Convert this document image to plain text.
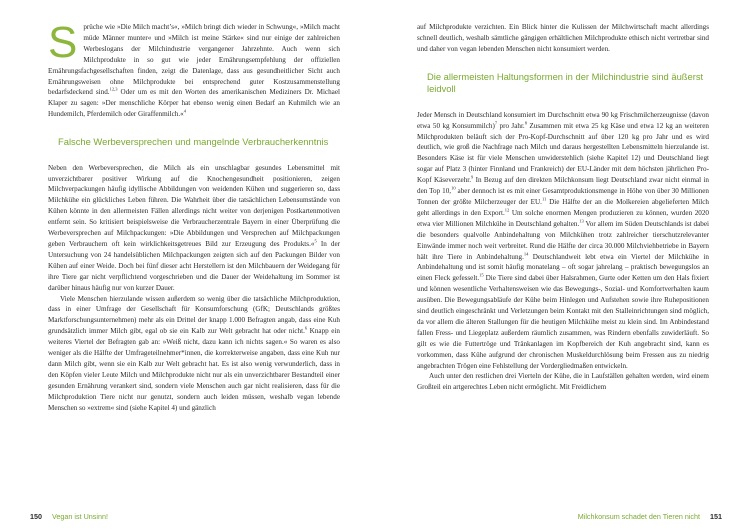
Sprüche wie »Die Milch macht’s«, »Milch bringt dich wieder in Schwung«, »Milch macht müde Männer munter« und »Milch ist meine Stärke« sind nur einige der zahlreichen Werbeslogans der Milchindustrie vergangener Jahrzehnte. Auch wenn sich Milchprodukte in so gut wie jeder Ernährungsempfehlung der offiziellen Ernährungsfachgesellschaften finden, zeigt die Datenlage, dass aus gesundheitlicher Sicht auch Ernährungsweisen ohne Milchprodukte bei entsprechend guter Kostzusammenstellung bedarfsdeckend sind.$^{12,3}$ Oder um es mit den Worten des amerikanischen Mediziners Dr. Michael Klaper zu sagen: »Der menschliche Körper hat ebenso wenig einen Bedarf an Kuhmilch wie an Hundemilch, Pferdemilch oder Giraffenmilch.«$^4$

Falsche Werbeversprechen und mangelnde Verbraucherkenntnis

Neben den Werbeversprechen, die Milch als ein unschlagbar gesundes Lebensmittel mit unverzichtbarer positiver Wirkung auf die Knochengesundheit positionieren, zeigen Milchverpackungen häufig idyllische Abbildungen von weidenden Kühen und suggerieren so, dass Milchkühe ein glückliches Leben führen. Die Wahrheit über die tatsächlichen Lebensumstände von Kühen könnte in den allermeisten Fällen allerdings nicht weiter von derjenigen Postkartenmotiven entfernt sein. So kritisiert beispielsweise die Verbraucherzentrale Bayern in einer Überprüfung die Werbeversprechen auf Milchpackungen: »Die Abbildungen und Versprechen auf Milchpackungen geben Verbrauchern oft kein wirklichkeitsgetreues Bild zur Erzeugung des Produkts.«$^5$ In der Untersuchung von 24 handelsüblichen Milchpackungen zeigten sich auf den Packungen Bilder von Kühen auf einer Weide. Doch bei fünf dieser acht Herstellern ist den Milchbauern der Weidegang für ihre Tiere gar nicht verpflichtend vorgeschrieben und die Dauer der Weidehaltung im Sommer ist darüber hinaus häufig nur von kurzer Dauer.

Viele Menschen hierzulande wissen außerdem so wenig über die tatsächliche Milchproduktion, dass in einer Umfrage der Gesellschaft für Konsumforschung (GfK; Deutschlands größtes Marktforschungsunternehmen) mehr als ein Drittel der knapp 1.000 Befragten angab, dass eine Kuh grundsätzlich immer Milch gibt, egal ob sie ein Kalb zur Welt gebracht hat oder nicht.$^6$ Knapp ein weiteres Viertel der Befragten gab an: »Weiß nicht, dazu kann ich nichts sagen.« So waren es also weniger als die Hälfte der Umfrageteilnehmer*innen, die korrekterweise angaben, dass eine Kuh nur dann Milch gibt, wenn sie ein Kalb zur Welt gebracht hat. Es ist also wenig verwunderlich, dass in den Köpfen vieler Leute Milch und Milchprodukte nicht nur als ein unverzichtbarer Bestandteil einer gesunden Ernährung verankert sind, sondern viele Menschen auch gar nicht realisieren, dass für die Milchproduktion Tiere nicht nur genutzt, sondern auch leiden müssen, weshalb vegan lebende Menschen so »extrem« sind (siehe Kapitel 4) und gänzlich

150 Vegan ist Unsinn!

auf Milchprodukte verzichten. Ein Blick hinter die Kulissen der Milchwirtschaft macht allerdings schnell deutlich, weshalb sämtliche gängigen erhältlichen Milchprodukte ethisch nicht vertretbar sind und daher von vegan lebenden Menschen nicht konsumiert werden.

Die allermeisten Haltungsformen in der Milchindustrie sind äußerst leidvoll

Jeder Mensch in Deutschland konsumiert im Durchschnitt etwa 90 kg Frischmilcherzeugnisse (davon etwa 50 kg Konsummilch)$^7$ pro Jahr.$^8$ Zusammen mit etwa 25 kg Käse und etwa 12 kg an weiteren Milchprodukten beläuft sich der Pro-Kopf-Durchschnitt auf über 120 kg pro Jahr und es wird deutlich, wie groß die Nachfrage nach Milch und daraus hergestellten Lebensmitteln hierzulande ist. Besonders Käse ist für viele Menschen unwiderstehlich (siehe Kapitel 12) und Deutschland liegt sogar auf Platz 3 (hinter Finnland und Frankreich) der EU-Länder mit dem höchsten jährlichen Pro-Kopf Käseverzehr.$^9$ In Bezug auf den direkten Milchkonsum liegt Deutschland zwar nicht einmal in den Top 10,10 aber dennoch ist es mit einer Gesamtproduktionsmenge in Höhe von über 30 Millionen Tonnen der größte Milcherzeuger der EU.$^{11}$ Die Hälfte der an die Molkereien abgelieferten Milch geht allerdings in den Export.$^{12}$ Um solche enormen Mengen produzieren zu können, wurden 2020 etwa vier Millionen Milchkühe in Deutschland gehalten.$^{13}$ Vor allem im Süden Deutschlands ist dabei die besonders qualvolle Anbindehaltung von Milchkühen trotz zahlreicher tierschutzrelevanter Einwände immer noch weit verbreitet. Rund die Hälfte der circa 30.000 Milchviehbetriebe in Bayern hält ihre Tiere in Anbindehaltung.$^{14}$ Deutschlandweit lebt etwa ein Viertel der Milchkühe in Anbindehaltung und ist somit häufig monatelang – oft sogar jahrelang – praktisch bewegungslos an einen Fleck gefesselt.$^{15}$ Die Tiere sind dabei über Halsrahmen, Gurte oder Ketten um den Hals fixiert und können wesentliche Verhaltensweisen wie das Bewegungs-, Sozial- und Komfortverhalten kaum ausüben. Die Bewegungsabläufe der Kühe beim Hinlegen und Aufstehen sowie ihre Ruhepositionen sind deutlich eingeschränkt und Verletzungen beim Kontakt mit den Stalleinrichtungen sind möglich, da vor allem die älteren Stallungen für die heutigen Milchkühe meist zu klein sind. Im Anbindestand fallen Fress- und Liegeplatz außerdem räumlich zusammen, was Rindern ebenfalls zuwiderläuft. So gilt es wie die Futtertröge und Tränkanlagen im Kopfbereich der Kuh angebracht sind, kann es vorkommen, dass Kühe aufgrund der chronischen Muskeldurchlösung beim Fressen aus zu niedrig angebrachten Trögen eine Fehlstellung der Vordergliedmaßen entwickeln.

Auch unter den restlichen drei Vierteln der Kühe, die in Laufställen gehalten werden, wird einem Großteil ein artgerechtes Leben nicht ermöglicht. Mit Freidlichem

Milchkonsum schadet den Tieren nicht 151
